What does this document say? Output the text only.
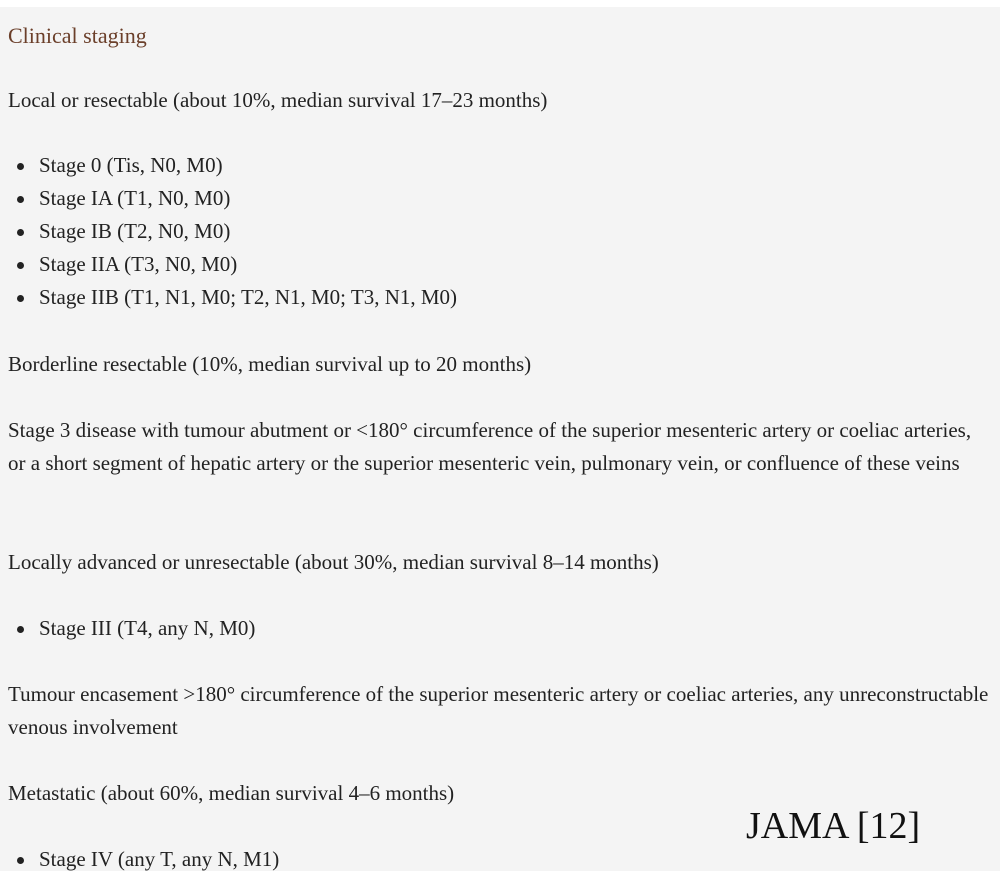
Clinical staging

Local or resectable (about 10%, median survival 17–23 months)

Stage 0 (Tis, N0, M0)
Stage IA (T1, N0, M0)
Stage IB (T2, N0, M0)
Stage IIA (T3, N0, M0)
Stage IIB (T1, N1, M0; T2, N1, M0; T3, N1, M0)

Borderline resectable (10%, median survival up to 20 months)

Stage 3 disease with tumour abutment or <180° circumference of the superior mesenteric artery or coeliac arteries, or a short segment of hepatic artery or the superior mesenteric vein, pulmonary vein, or confluence of these veins

Locally advanced or unresectable (about 30%, median survival 8–14 months)

Stage III (T4, any N, M0)

Tumour encasement >180° circumference of the superior mesenteric artery or coeliac arteries, any unreconstructable venous involvement

Metastatic (about 60%, median survival 4–6 months)

Stage IV (any T, any N, M1)

JAMA [12]
